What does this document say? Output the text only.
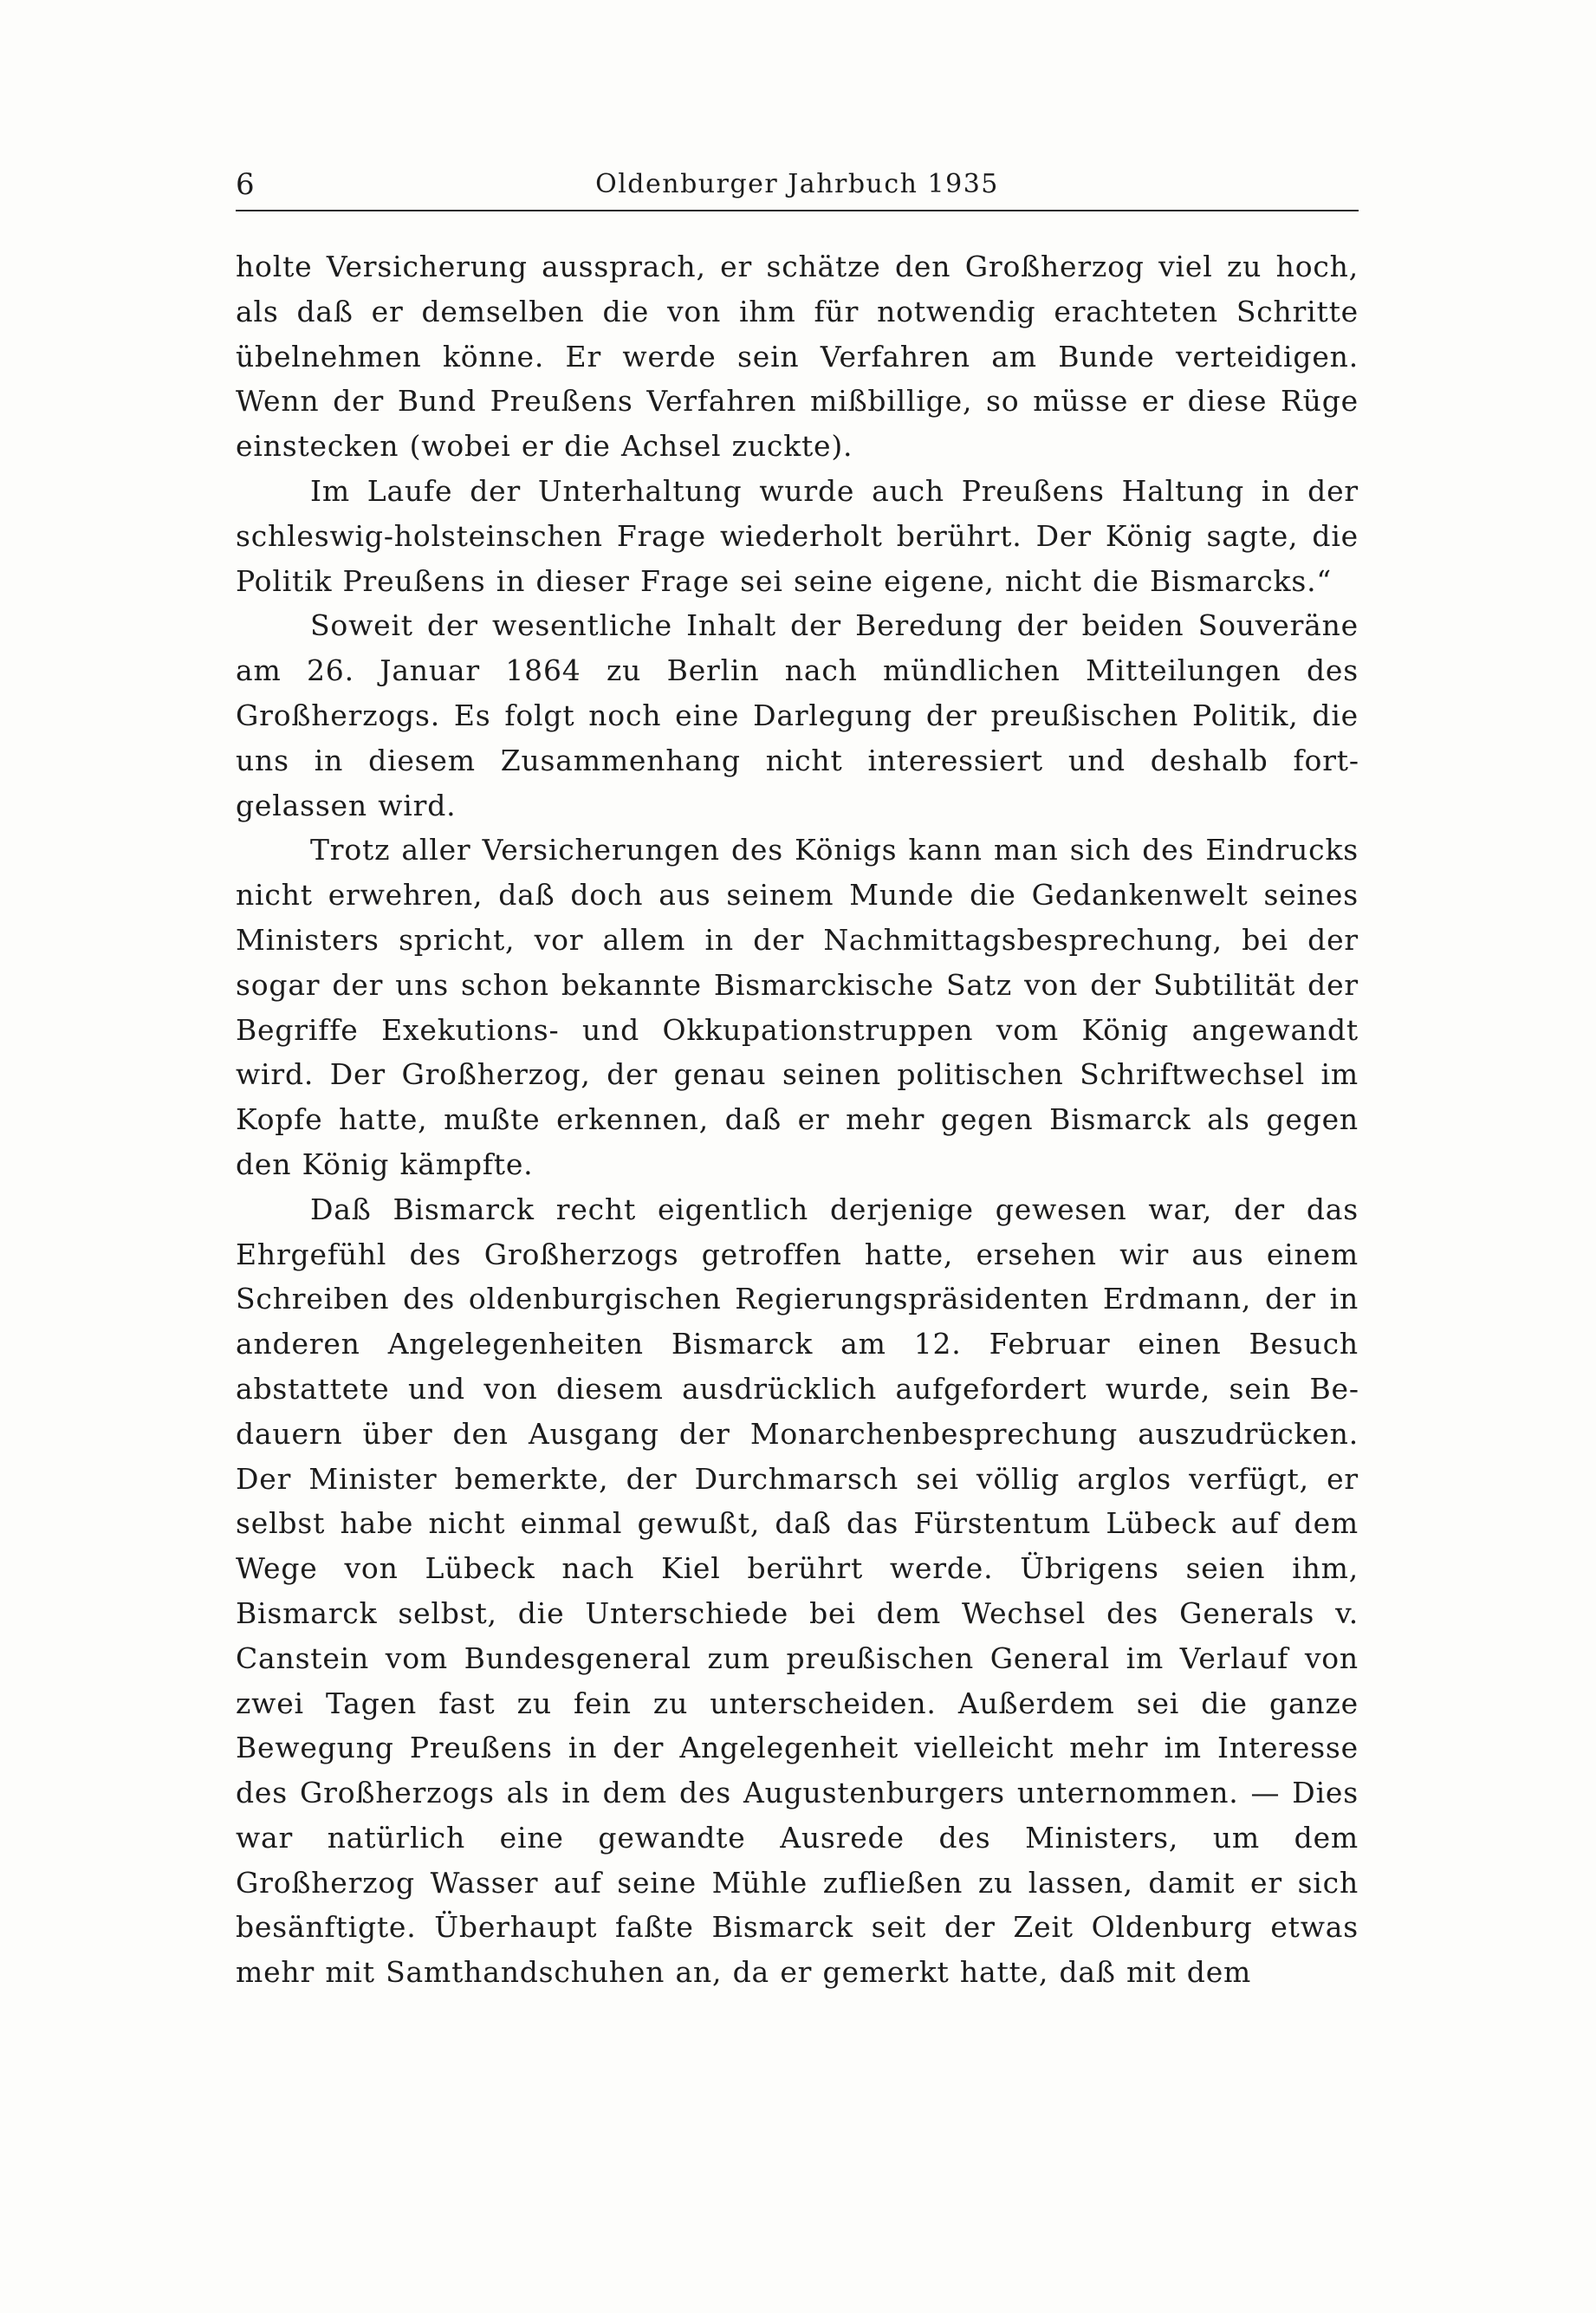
6	Oldenburger Jahrbuch 1935

holte Versicherung aussprach, er schätze den Großherzog viel zu hoch, als daß er demselben die von ihm für notwendig erachteten Schritte übelnehmen könne. Er werde sein Verfahren am Bunde verteidigen. Wenn der Bund Preußens Verfahren mißbillige, so müsse er diese Rüge einstecken (wobei er die Achsel zuckte).

Im Laufe der Unterhaltung wurde auch Preußens Haltung in der schleswig-holsteinschen Frage wiederholt berührt. Der König sagte, die Politik Preußens in dieser Frage sei seine eigene, nicht die Bismarcks.“

Soweit der wesentliche Inhalt der Beredung der beiden Souveräne am 26. Januar 1864 zu Berlin nach mündlichen Mitteilungen des Großherzogs. Es folgt noch eine Darlegung der preußischen Politik, die uns in diesem Zusammenhang nicht interessiert und deshalb fortgelassen wird.

Trotz aller Versicherungen des Königs kann man sich des Eindrucks nicht erwehren, daß doch aus seinem Munde die Gedankenwelt seines Ministers spricht, vor allem in der Nachmittagsbesprechung, bei der sogar der uns schon bekannte Bismarckische Satz von der Subtilität der Begriffe Exekutions- und Okkupationstruppen vom König angewandt wird. Der Großherzog, der genau seinen politischen Schriftwechsel im Kopfe hatte, mußte erkennen, daß er mehr gegen Bismarck als gegen den König kämpfte.

Daß Bismarck recht eigentlich derjenige gewesen war, der das Ehrgefühl des Großherzogs getroffen hatte, ersehen wir aus einem Schreiben des oldenburgischen Regierungspräsidenten Erdmann, der in anderen Angelegenheiten Bismarck am 12. Februar einen Besuch abstattete und von diesem ausdrücklich aufgefordert wurde, sein Bedauern über den Ausgang der Monarchenbesprechung auszudrücken. Der Minister bemerkte, der Durchmarsch sei völlig arglos verfügt, er selbst habe nicht einmal gewußt, daß das Fürstentum Lübeck auf dem Wege von Lübeck nach Kiel berührt werde. Übrigens seien ihm, Bismarck selbst, die Unterschiede bei dem Wechsel des Generals v. Canstein vom Bundesgeneral zum preußischen General im Verlauf von zwei Tagen fast zu fein zu unterscheiden. Außerdem sei die ganze Bewegung Preußens in der Angelegenheit vielleicht mehr im Interesse des Großherzogs als in dem des Augustenburgers unternommen. — Dies war natürlich eine gewandte Ausrede des Ministers, um dem Großherzog Wasser auf seine Mühle zufließen zu lassen, damit er sich besänftigte. Überhaupt faßte Bismarck seit der Zeit Oldenburg etwas mehr mit Samthandschuhen an, da er gemerkt hatte, daß mit dem
